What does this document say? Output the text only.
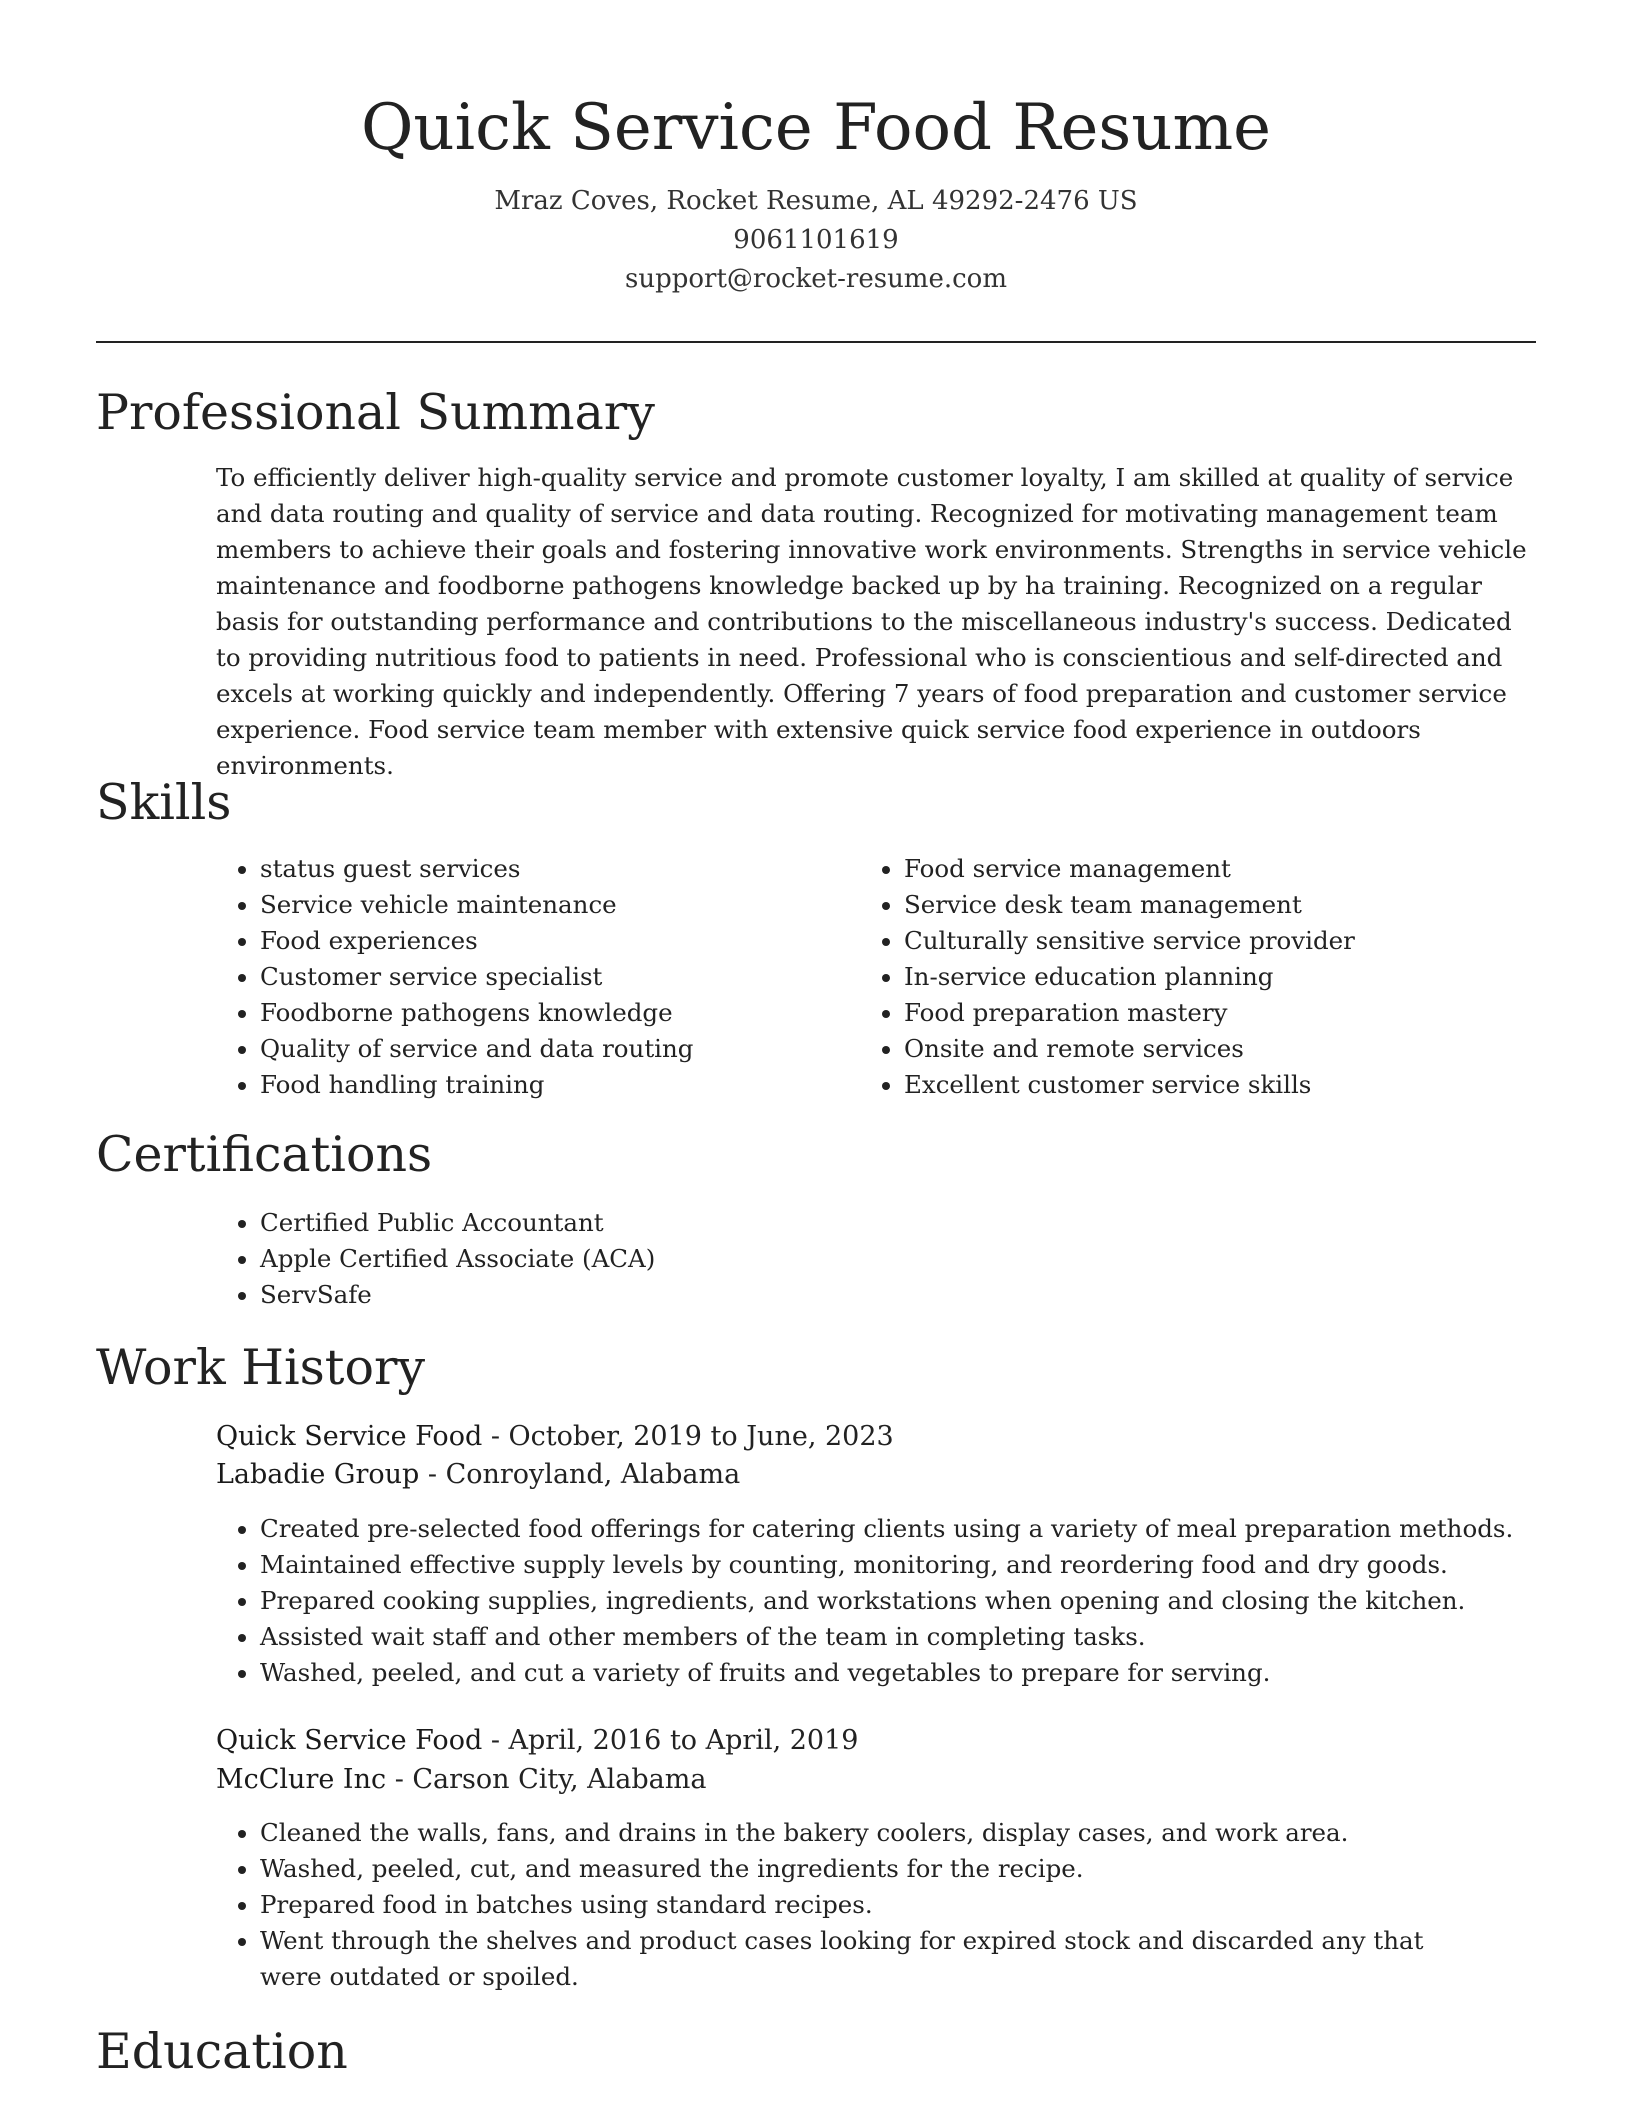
Quick Service Food Resume

Mraz Coves, Rocket Resume, AL 49292-2476 US

9061101619

support@rocket-resume.com

Professional Summary

To efficiently deliver high-quality service and promote customer loyalty, I am skilled at quality of service and data routing and quality of service and data routing. Recognized for motivating management team members to achieve their goals and fostering innovative work environments. Strengths in service vehicle maintenance and foodborne pathogens knowledge backed up by ha training. Recognized on a regular basis for outstanding performance and contributions to the miscellaneous industry's success. Dedicated to providing nutritious food to patients in need. Professional who is conscientious and self-directed and excels at working quickly and independently. Offering 7 years of food preparation and customer service experience. Food service team member with extensive quick service food experience in outdoors environments.

Skills
• status guest services
• Service vehicle maintenance
• Food experiences
• Customer service specialist
• Foodborne pathogens knowledge
• Quality of service and data routing
• Food handling training
• Food service management
• Service desk team management
• Culturally sensitive service provider
• In-service education planning
• Food preparation mastery
• Onsite and remote services
• Excellent customer service skills
Certifications
• Certified Public Accountant
• Apple Certified Associate (ACA)
• ServSafe
Work History

Quick Service Food - October, 2019 to June, 2023

Labadie Group - Conroyland, Alabama

• Created pre-selected food offerings for catering clients using a variety of meal preparation methods.
• Maintained effective supply levels by counting, monitoring, and reordering food and dry goods.
• Prepared cooking supplies, ingredients, and workstations when opening and closing the kitchen.
• Assisted wait staff and other members of the team in completing tasks.
• Washed, peeled, and cut a variety of fruits and vegetables to prepare for serving.

Quick Service Food - April, 2016 to April, 2019

McClure Inc - Carson City, Alabama

• Cleaned the walls, fans, and drains in the bakery coolers, display cases, and work area.
• Washed, peeled, cut, and measured the ingredients for the recipe.
• Prepared food in batches using standard recipes.
• Went through the shelves and product cases looking for expired stock and discarded any that were outdated or spoiled.
Education
